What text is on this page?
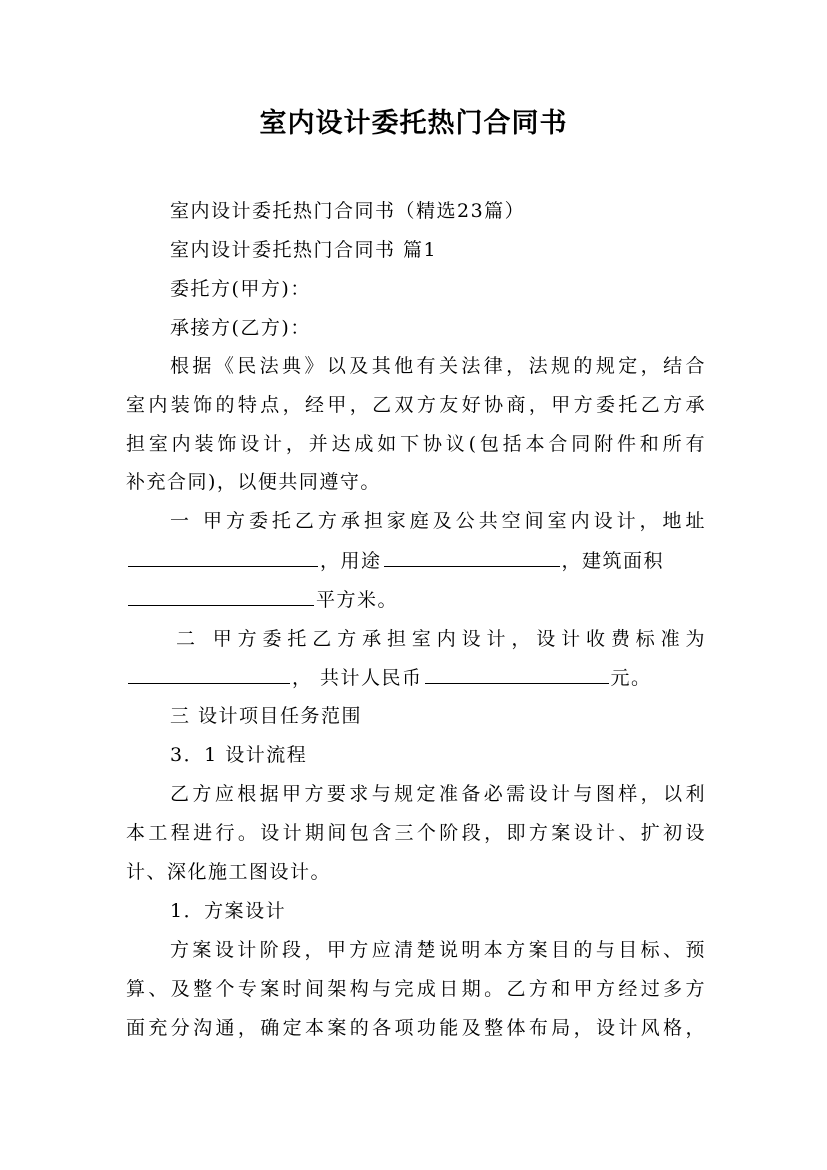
室内设计委托热门合同书
室内设计委托热门合同书（精选23篇）
室内设计委托热门合同书 篇1
委托方(甲方)：
承接方(乙方)：
根据《民法典》以及其他有关法律，法规的规定，结合
室内装饰的特点，经甲，乙双方友好协商，甲方委托乙方承
担室内装饰设计，并达成如下协议(包括本合同附件和所有
补充合同)，以便共同遵守。
一 甲方委托乙方承担家庭及公共空间室内设计，地址
，用途	，建筑面积
平方米。
二 甲方委托乙方承担室内设计，设计收费标准为
， 共计人民币	元。
三 设计项目任务范围
3．1 设计流程
乙方应根据甲方要求与规定准备必需设计与图样，以利
本工程进行。设计期间包含三个阶段，即方案设计、扩初设
计、深化施工图设计。
1．方案设计
方案设计阶段，甲方应清楚说明本方案目的与目标、预
算、及整个专案时间架构与完成日期。乙方和甲方经过多方
面充分沟通，确定本案的各项功能及整体布局，设计风格，
